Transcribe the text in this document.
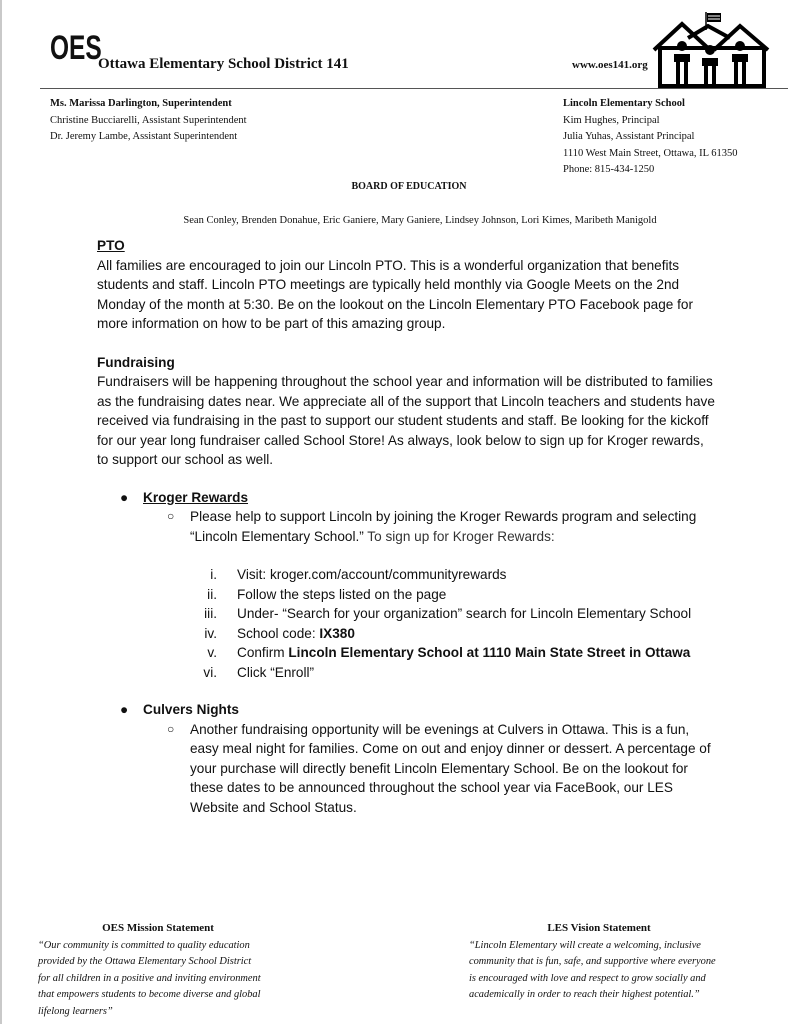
OES
Ottawa Elementary School District 141	www.oes141.org
Ms. Marissa Darlington, Superintendent
Christine Bucciarelli, Assistant Superintendent
Dr. Jeremy Lambe, Assistant Superintendent
Lincoln Elementary School
Kim Hughes, Principal
Julia Yuhas, Assistant Principal
1110 West Main Street, Ottawa, IL 61350
Phone: 815-434-1250
BOARD OF EDUCATION
Sean Conley, Brenden Donahue, Eric Ganiere, Mary Ganiere, Lindsey Johnson, Lori Kimes, Maribeth Manigold
PTO

All families are encouraged to join our Lincoln PTO. This is a wonderful organization that benefits students and staff. Lincoln PTO meetings are typically held monthly via Google Meets on the 2nd Monday of the month at 5:30. Be on the lookout on the Lincoln Elementary PTO Facebook page for more information on how to be part of this amazing group.

Fundraising

Fundraisers will be happening throughout the school year and information will be distributed to families as the fundraising dates near. We appreciate all of the support that Lincoln teachers and students have received via fundraising in the past to support our student students and staff. Be looking for the kickoff for our year long fundraiser called School Store! As always, look below to sign up for Kroger rewards, to support our school as well.

● Kroger Rewards
○ Please help to support Lincoln by joining the Kroger Rewards program and selecting “Lincoln Elementary School.” To sign up for Kroger Rewards:
i. Visit: kroger.com/account/communityrewards
ii. Follow the steps listed on the page
iii. Under- “Search for your organization” search for Lincoln Elementary School
iv. School code: IX380
v. Confirm Lincoln Elementary School at 1110 Main State Street in Ottawa
vi. Click “Enroll”
● Culvers Nights
○ Another fundraising opportunity will be evenings at Culvers in Ottawa. This is a fun, easy meal night for families. Come on out and enjoy dinner or dessert. A percentage of your purchase will directly benefit Lincoln Elementary School. Be on the lookout for these dates to be announced throughout the school year via FaceBook, our LES Website and School Status.
OES Mission Statement
“Our community is committed to quality education
provided by the Ottawa Elementary School District
for all children in a positive and inviting environment
that empowers students to become diverse and global
lifelong learners”
LES Vision Statement
“Lincoln Elementary will create a welcoming, inclusive
community that is fun, safe, and supportive where everyone
is encouraged with love and respect to grow socially and
academically in order to reach their highest potential.”
